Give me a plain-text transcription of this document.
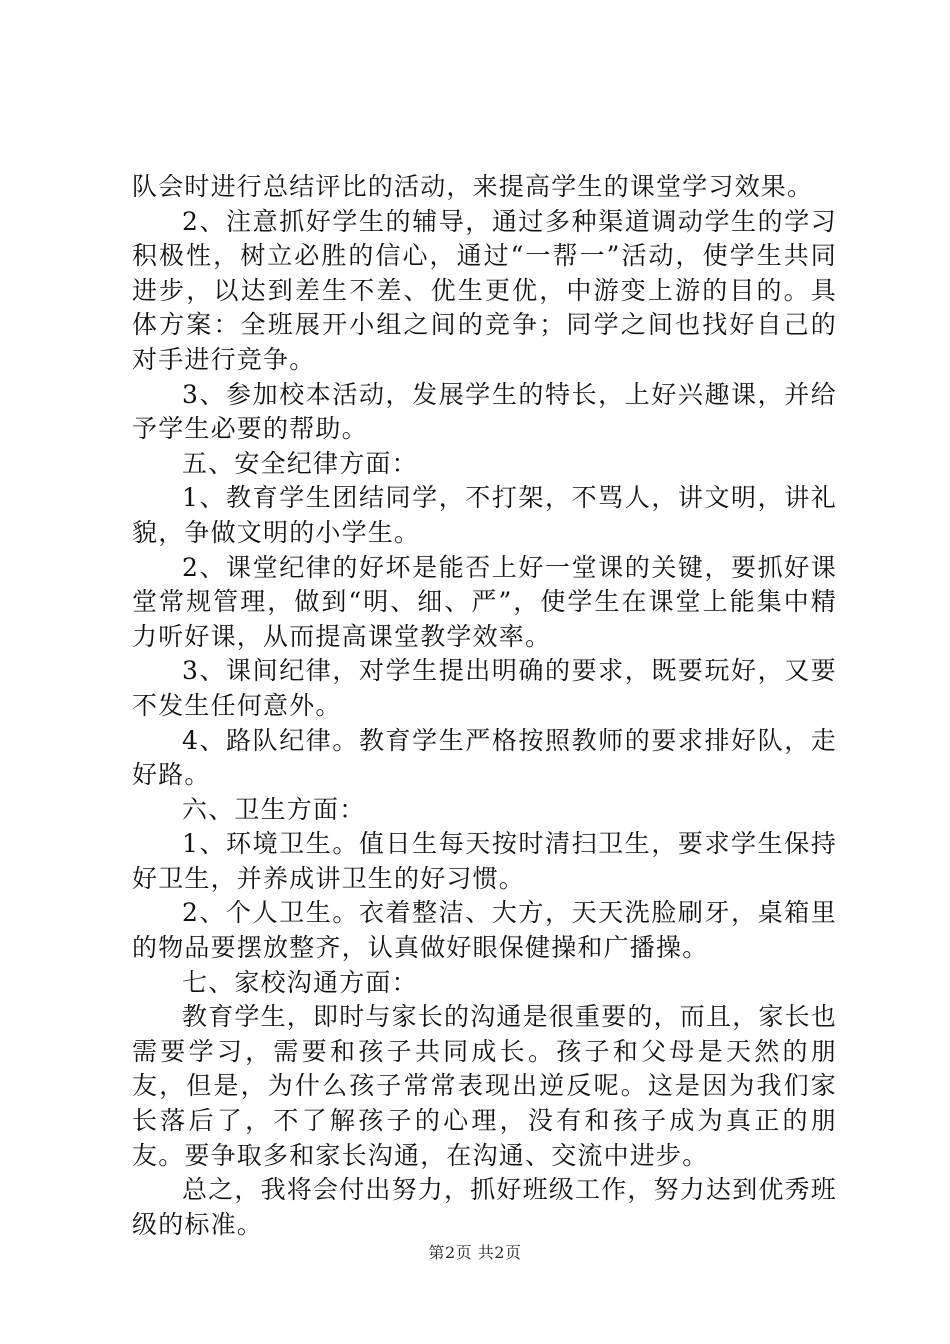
队会时进行总结评比的活动，来提高学生的课堂学习效果。

2、注意抓好学生的辅导，通过多种渠道调动学生的学习积极性，树立必胜的信心，通过“一帮一”活动，使学生共同进步，以达到差生不差、优生更优，中游变上游的目的。具体方案：全班展开小组之间的竞争；同学之间也找好自己的对手进行竞争。

3、参加校本活动，发展学生的特长，上好兴趣课，并给予学生必要的帮助。

五、安全纪律方面：

1、教育学生团结同学，不打架，不骂人，讲文明，讲礼貌，争做文明的小学生。

2、课堂纪律的好坏是能否上好一堂课的关键，要抓好课堂常规管理，做到“明、细、严”，使学生在课堂上能集中精力听好课，从而提高课堂教学效率。

3、课间纪律，对学生提出明确的要求，既要玩好，又要不发生任何意外。

4、路队纪律。教育学生严格按照教师的要求排好队，走好路。

六、卫生方面：

1、环境卫生。值日生每天按时清扫卫生，要求学生保持好卫生，并养成讲卫生的好习惯。

2、个人卫生。衣着整洁、大方，天天洗脸刷牙，桌箱里的物品要摆放整齐，认真做好眼保健操和广播操。

七、家校沟通方面：

教育学生，即时与家长的沟通是很重要的，而且，家长也需要学习，需要和孩子共同成长。孩子和父母是天然的朋友，但是，为什么孩子常常表现出逆反呢。这是因为我们家长落后了，不了解孩子的心理，没有和孩子成为真正的朋友。要争取多和家长沟通，在沟通、交流中进步。

总之，我将会付出努力，抓好班级工作，努力达到优秀班级的标准。

第2页 共2页
